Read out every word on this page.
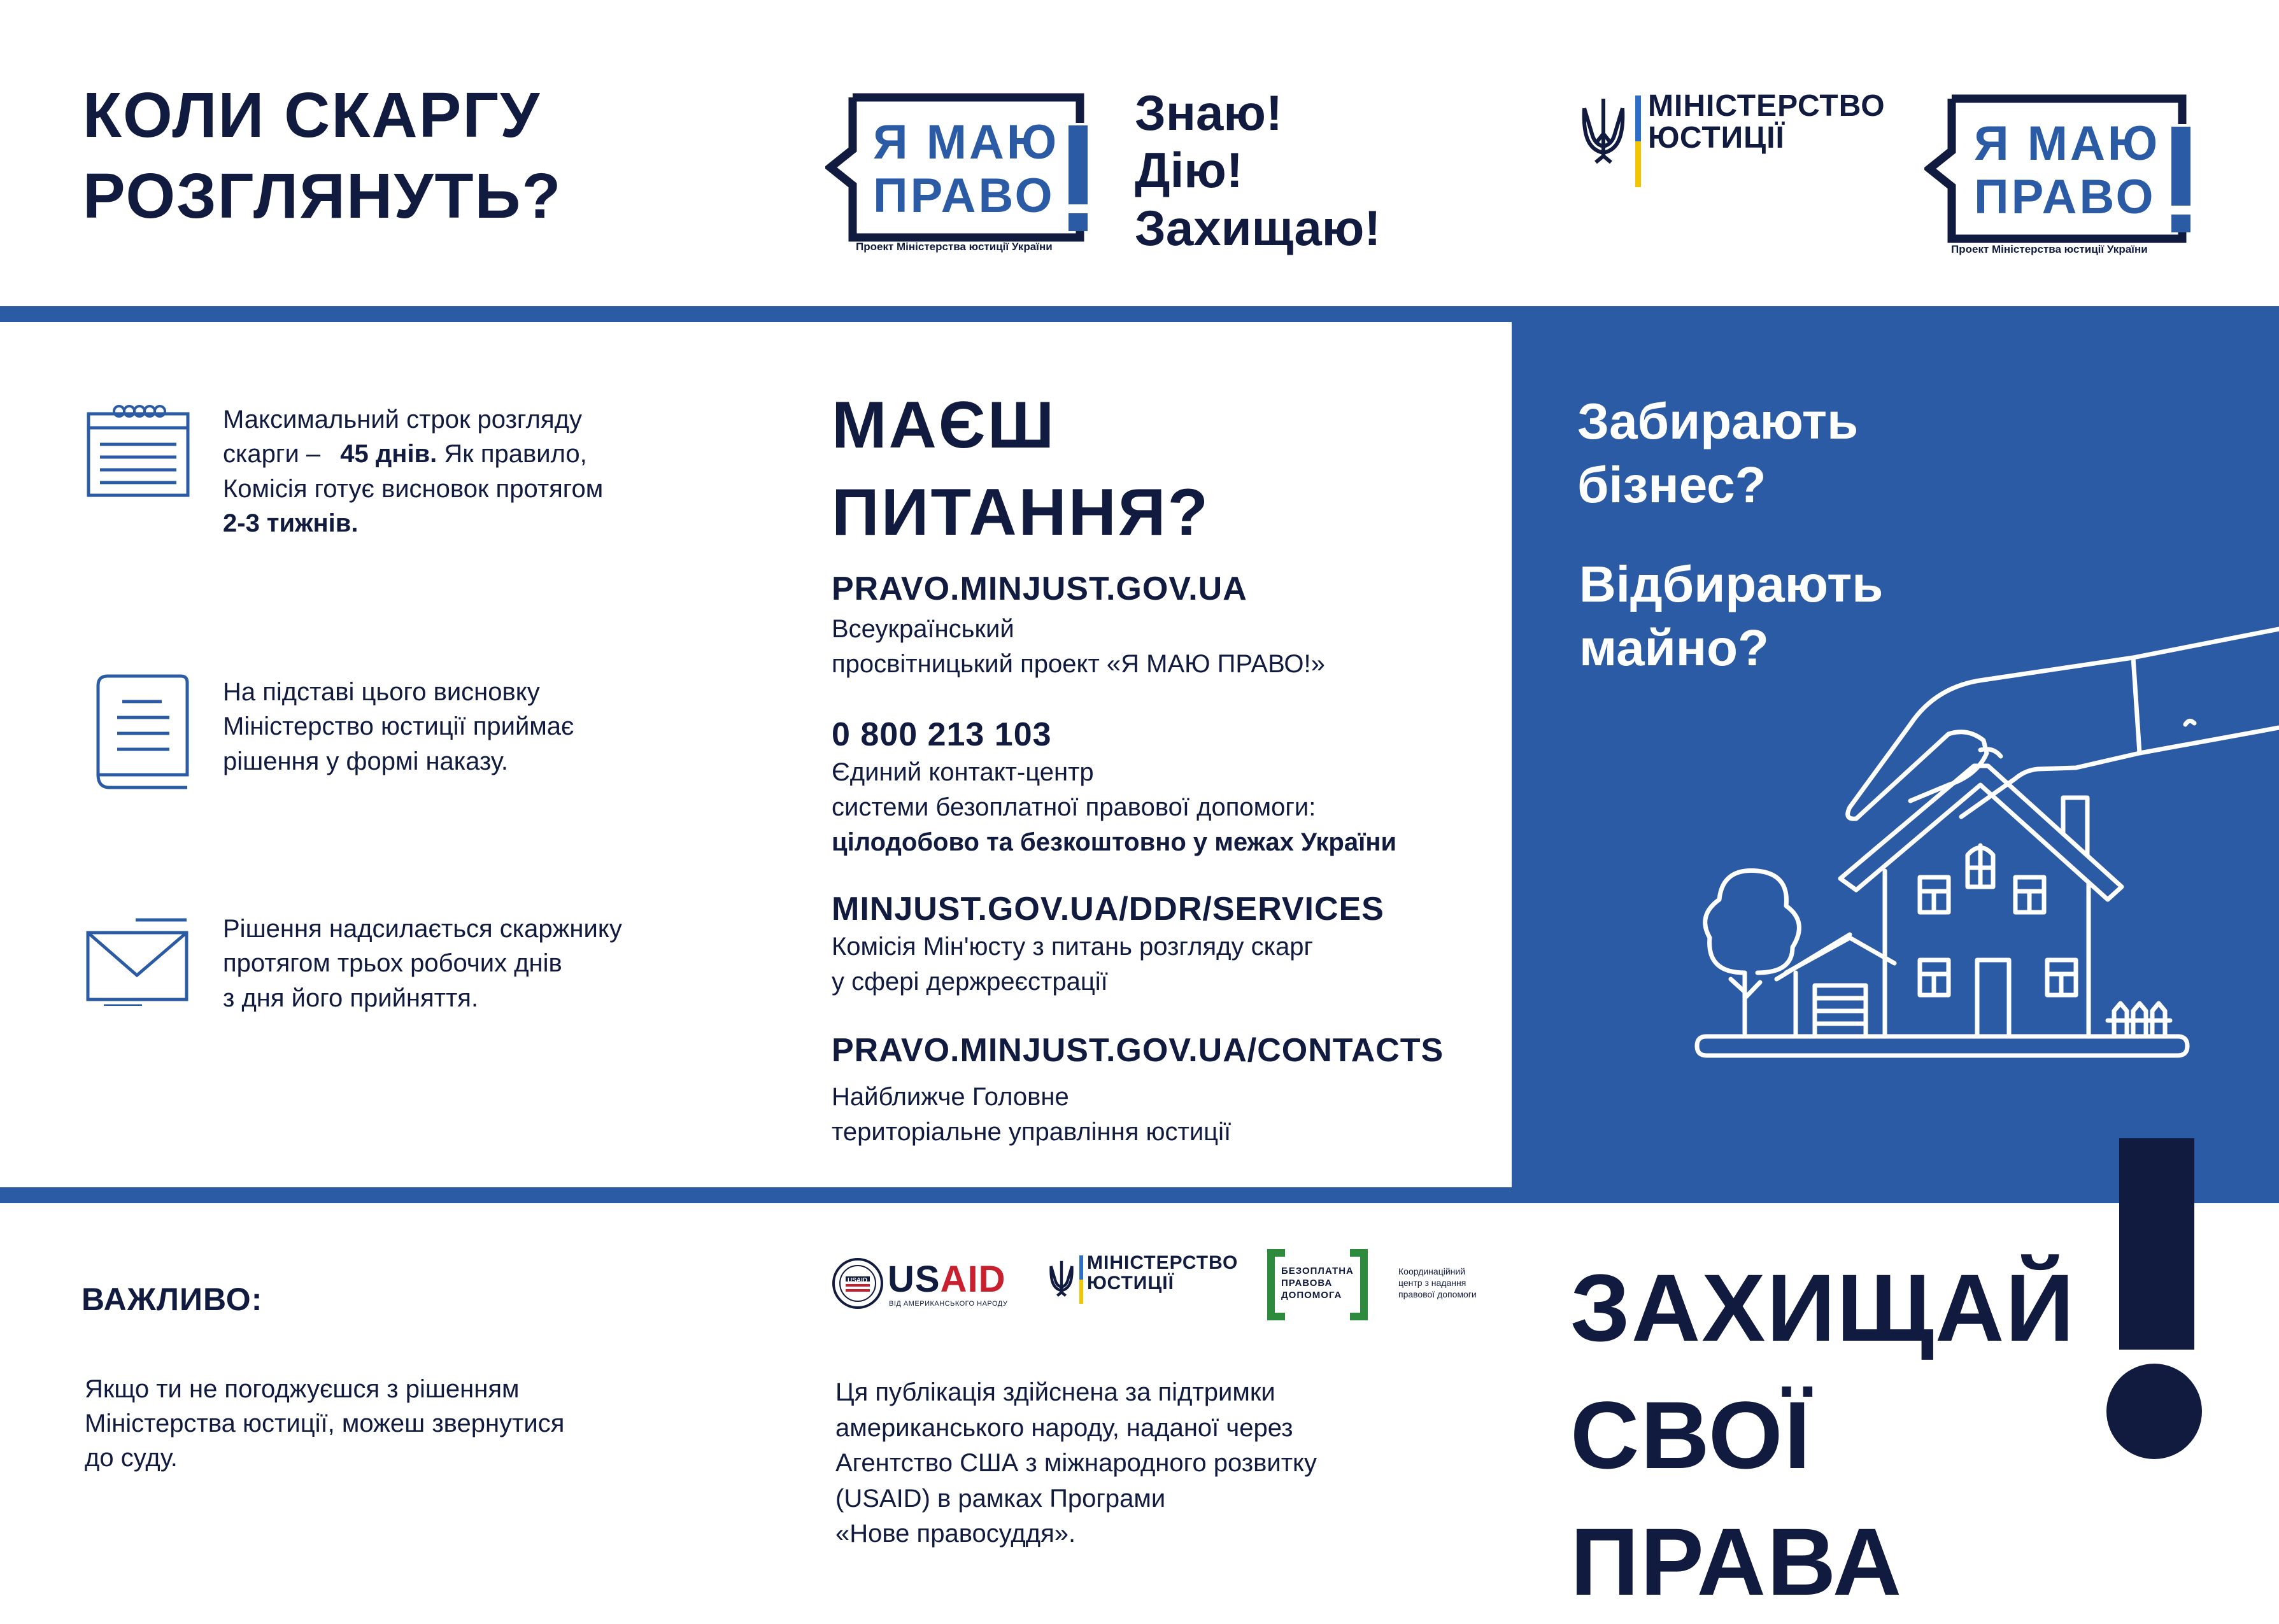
КОЛИ СКАРГУ
РОЗГЛЯНУТЬ?
Я МАЮ
ПРАВО
Проект Міністерства юстиції України
Знаю!
Дію!
Захищаю!
МІНІСТЕРСТВО
ЮСТИЦІЇ	Я МАЮ
ПРАВО
Проект Міністерства юстиції України
Максимальний строк розгляду
скарги – 45 днів. Як правило,
Комісія готує висновок протягом
2-3 тижнів.
На підставі цього висновку
Міністерство юстиції приймає
рішення у формі наказу.
Рішення надсилається скаржнику
протягом трьох робочих днів
з дня його прийняття.
МАЄШ
ПИТАННЯ?
PRAVO.MINJUST.GOV.UA
Всеукраїнський
просвітницький проект «Я МАЮ ПРАВО!»
0 800 213 103
Єдиний контакт-центр
системи безоплатної правової допомоги:
цілодобово та безкоштовно у межах України
MINJUST.GOV.UA/DDR/SERVICES
Комісія Мін'юсту з питань розгляду скарг
у сфері держреєстрації
PRAVO.MINJUST.GOV.UA/CONTACTS
Найближче Головне
територіальне управління юстиції
Забирають
бізнес?
Відбирають
майно?
ВАЖЛИВО:
Якщо ти не погоджуєшся з рішенням
Міністерства юстиції, можеш звернутися
до суду.
USAID USAID
ВІД АМЕРИКАНСЬКОГО НАРОДУ
МІНІСТЕРСТВО
ЮСТИЦІЇ
БЕЗОПЛАТНА
ПРАВОВА
ДОПОМОГА
Координаційний
центр з надання
правової допомоги
Ця публікація здійснена за підтримки
американського народу, наданої через
Агентство США з міжнародного розвитку
(USAID) в рамках Програми
«Нове правосуддя».
ЗАХИЩАЙ
СВОЇ ПРАВА
